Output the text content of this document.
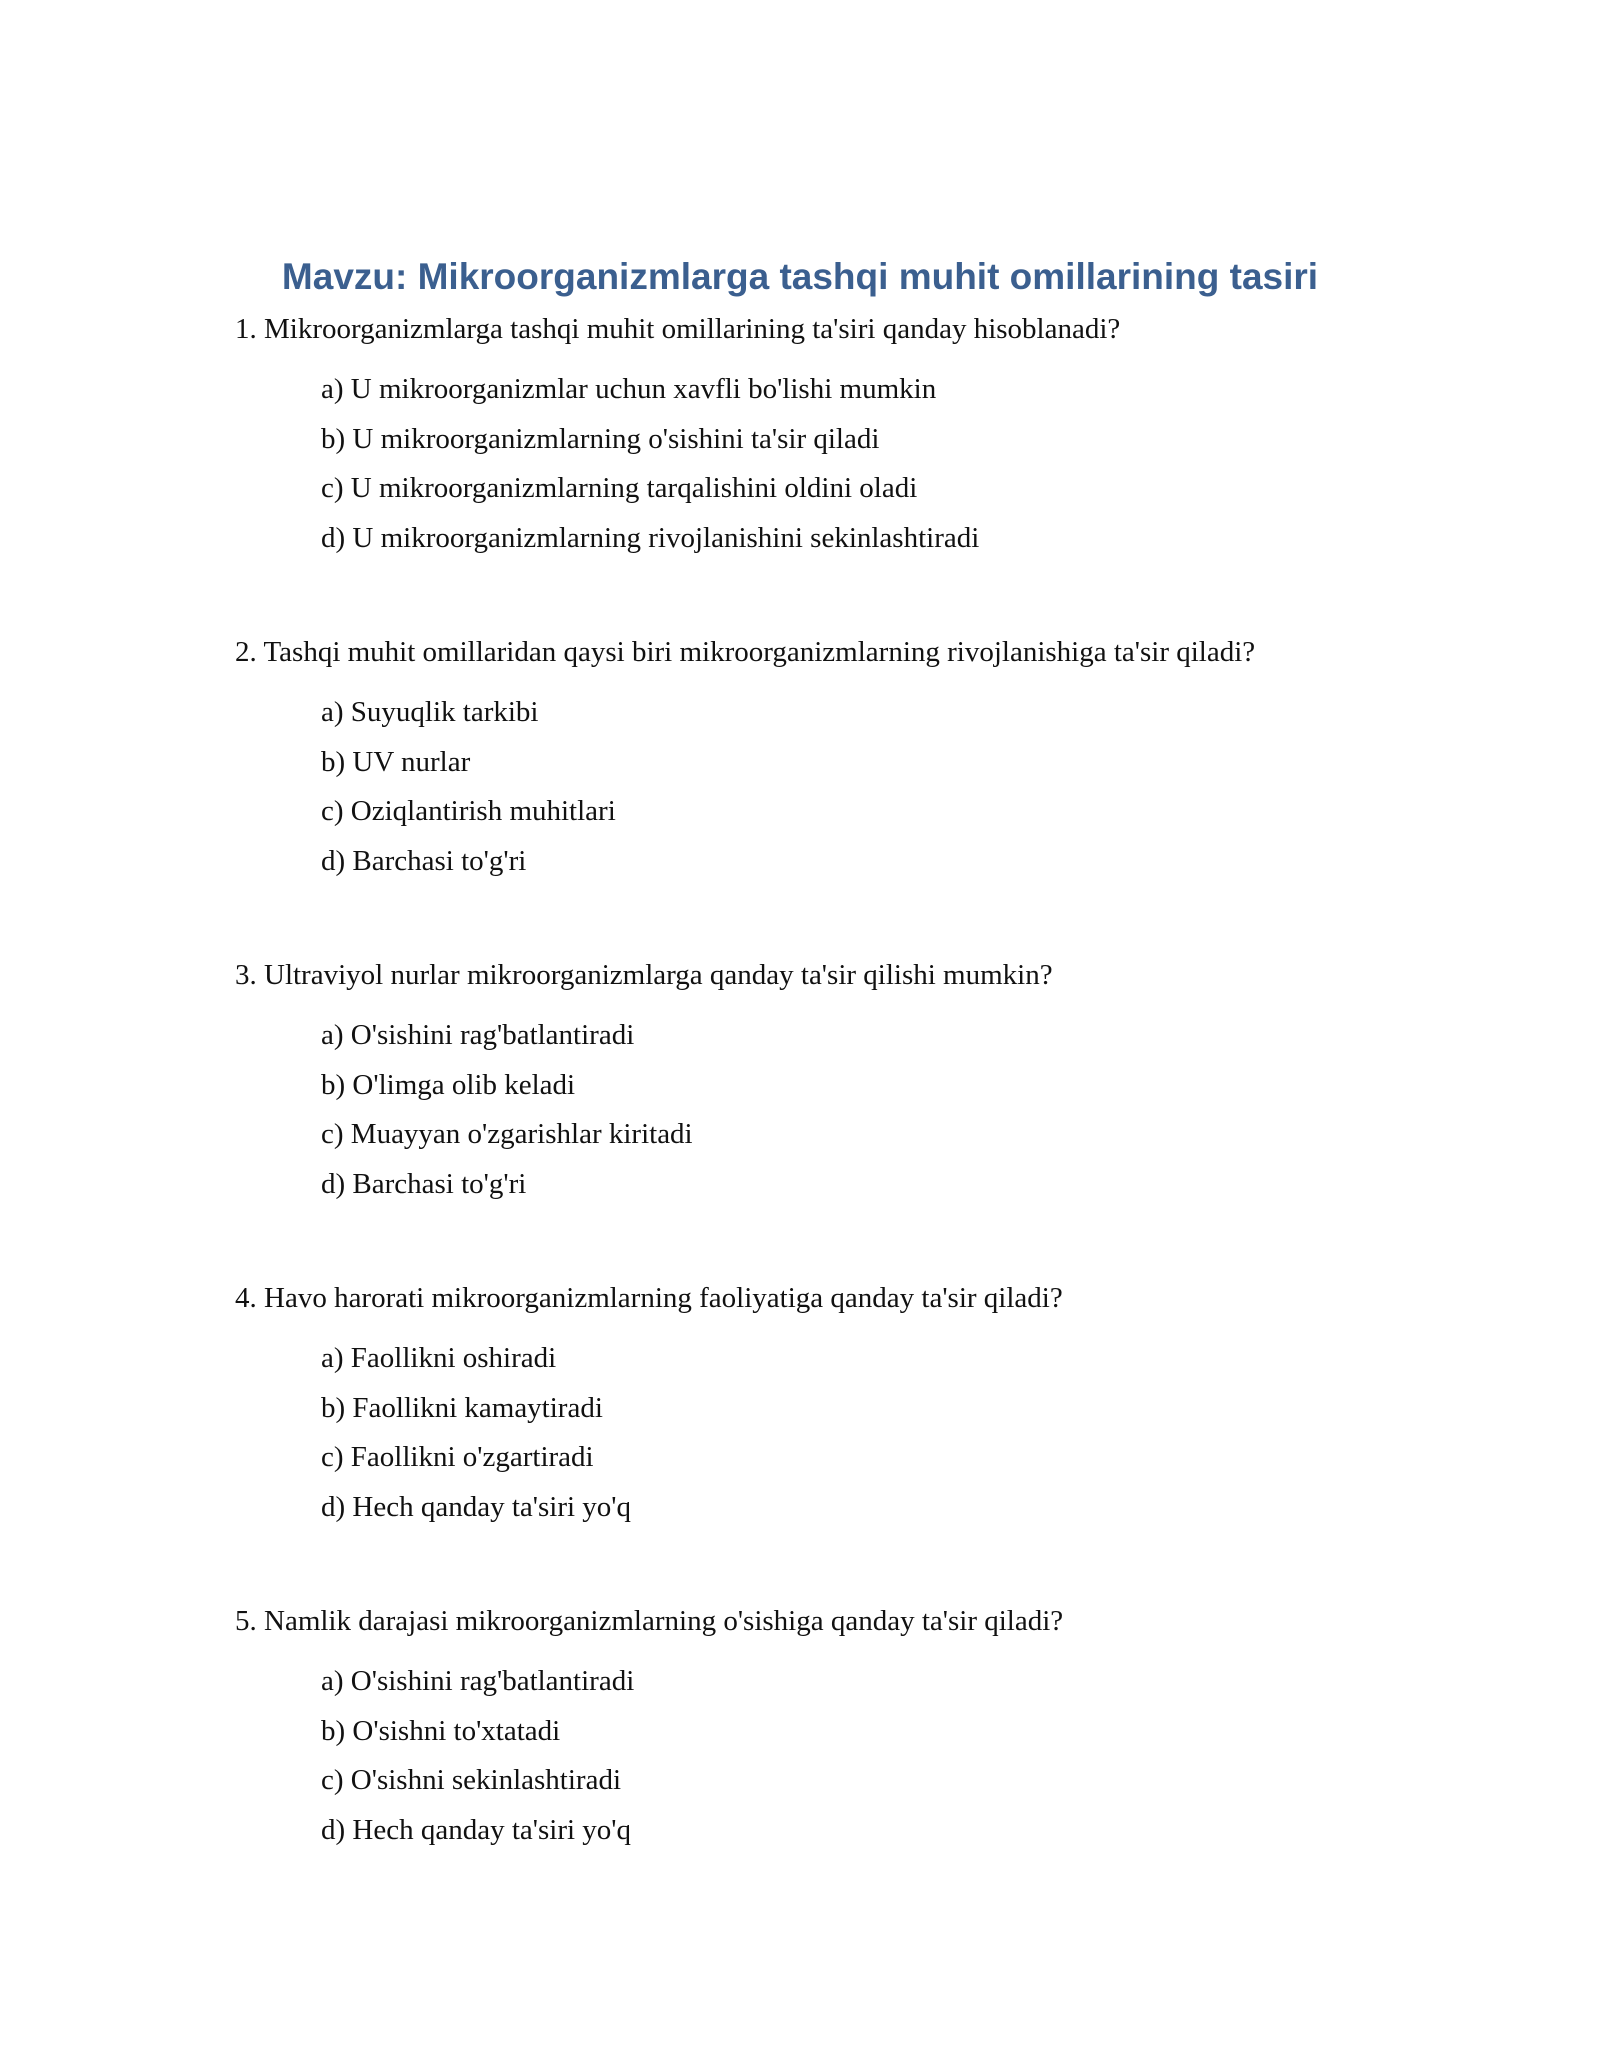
Mavzu: Mikroorganizmlarga tashqi muhit omillarining tasiri
1. Mikroorganizmlarga tashqi muhit omillarining ta'siri qanday hisoblanadi?
a) U mikroorganizmlar uchun xavfli bo'lishi mumkin
b) U mikroorganizmlarning o'sishini ta'sir qiladi
c) U mikroorganizmlarning tarqalishini oldini oladi
d) U mikroorganizmlarning rivojlanishini sekinlashtiradi
2. Tashqi muhit omillaridan qaysi biri mikroorganizmlarning rivojlanishiga ta'sir qiladi?
a) Suyuqlik tarkibi
b) UV nurlar
c) Oziqlantirish muhitlari
d) Barchasi to'g'ri
3. Ultraviyol nurlar mikroorganizmlarga qanday ta'sir qilishi mumkin?
a) O'sishini rag'batlantiradi
b) O'limga olib keladi
c) Muayyan o'zgarishlar kiritadi
d) Barchasi to'g'ri
4. Havo harorati mikroorganizmlarning faoliyatiga qanday ta'sir qiladi?
a) Faollikni oshiradi
b) Faollikni kamaytiradi
c) Faollikni o'zgartiradi
d) Hech qanday ta'siri yo'q
5. Namlik darajasi mikroorganizmlarning o'sishiga qanday ta'sir qiladi?
a) O'sishini rag'batlantiradi
b) O'sishni to'xtatadi
c) O'sishni sekinlashtiradi
d) Hech qanday ta'siri yo'q
